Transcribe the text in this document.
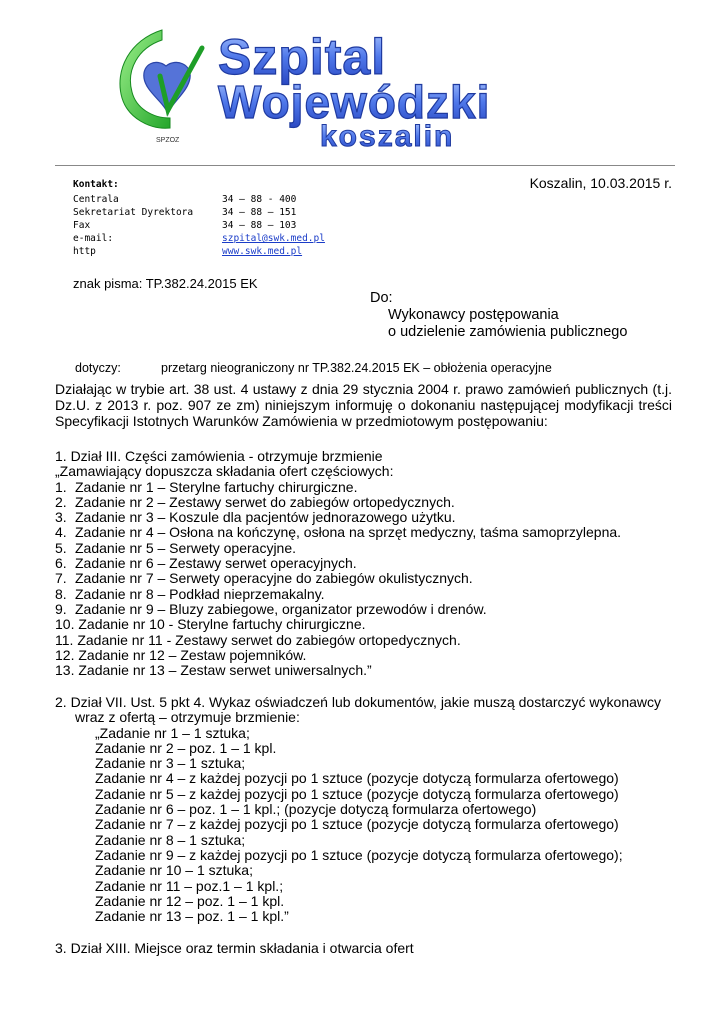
SPZOZ
Szpital
Wojewódzki
koszalin
Kontakt:
Centrala	34 – 88 - 400
Sekretariat Dyrektora	34 – 88 – 151
Fax	34 – 88 – 103
e-mail:	szpital@swk.med.pl
http	www.swk.med.pl
Koszalin, 10.03.2015 r.
znak pisma: TP.382.24.2015 EK
Do:
Wykonawcy postępowania
o udzielenie zamówienia publicznego
dotyczy:	przetarg nieograniczony nr TP.382.24.2015 EK – obłożenia operacyjne
Działając w trybie art. 38 ust. 4 ustawy z dnia 29 stycznia 2004 r. prawo zamówień publicznych (t.j. Dz.U. z 2013 r. poz. 907 ze zm) niniejszym informuję o dokonaniu następującej modyfikacji treści Specyfikacji Istotnych Warunków Zamówienia w przedmiotowym postępowaniu:
1. Dział III. Części zamówienia - otrzymuje brzmienie
„Zamawiający dopuszcza składania ofert częściowych:
1. Zadanie nr 1 – Sterylne fartuchy chirurgiczne.
2. Zadanie nr 2 – Zestawy serwet do zabiegów ortopedycznych.
3. Zadanie nr 3 – Koszule dla pacjentów jednorazowego użytku.
4. Zadanie nr 4 – Osłona na kończynę, osłona na sprzęt medyczny, taśma samoprzylepna.
5. Zadanie nr 5 – Serwety operacyjne.
6. Zadanie nr 6 – Zestawy serwet operacyjnych.
7. Zadanie nr 7 – Serwety operacyjne do zabiegów okulistycznych.
8. Zadanie nr 8 – Podkład nieprzemakalny.
9. Zadanie nr 9 – Bluzy zabiegowe, organizator przewodów i drenów.
10. Zadanie nr 10 - Sterylne fartuchy chirurgiczne.
11. Zadanie nr 11 - Zestawy serwet do zabiegów ortopedycznych.
12. Zadanie nr 12 – Zestaw pojemników.
13. Zadanie nr 13 – Zestaw serwet uniwersalnych.”
2. Dział VII. Ust. 5 pkt 4. Wykaz oświadczeń lub dokumentów, jakie muszą dostarczyć wykonawcy
wraz z ofertą – otrzymuje brzmienie:
„Zadanie nr 1 – 1 sztuka;
Zadanie nr 2 – poz. 1 – 1 kpl.
Zadanie nr 3 – 1 sztuka;
Zadanie nr 4 – z każdej pozycji po 1 sztuce (pozycje dotyczą formularza ofertowego)
Zadanie nr 5 – z każdej pozycji po 1 sztuce (pozycje dotyczą formularza ofertowego)
Zadanie nr 6 – poz. 1 – 1 kpl.; (pozycje dotyczą formularza ofertowego)
Zadanie nr 7 – z każdej pozycji po 1 sztuce (pozycje dotyczą formularza ofertowego)
Zadanie nr 8 – 1 sztuka;
Zadanie nr 9 – z każdej pozycji po 1 sztuce (pozycje dotyczą formularza ofertowego);
Zadanie nr 10 – 1 sztuka;
Zadanie nr 11 – poz.1 – 1 kpl.;
Zadanie nr 12 – poz. 1 – 1 kpl.
Zadanie nr 13 – poz. 1 – 1 kpl.”
3. Dział XIII. Miejsce oraz termin składania i otwarcia ofert
